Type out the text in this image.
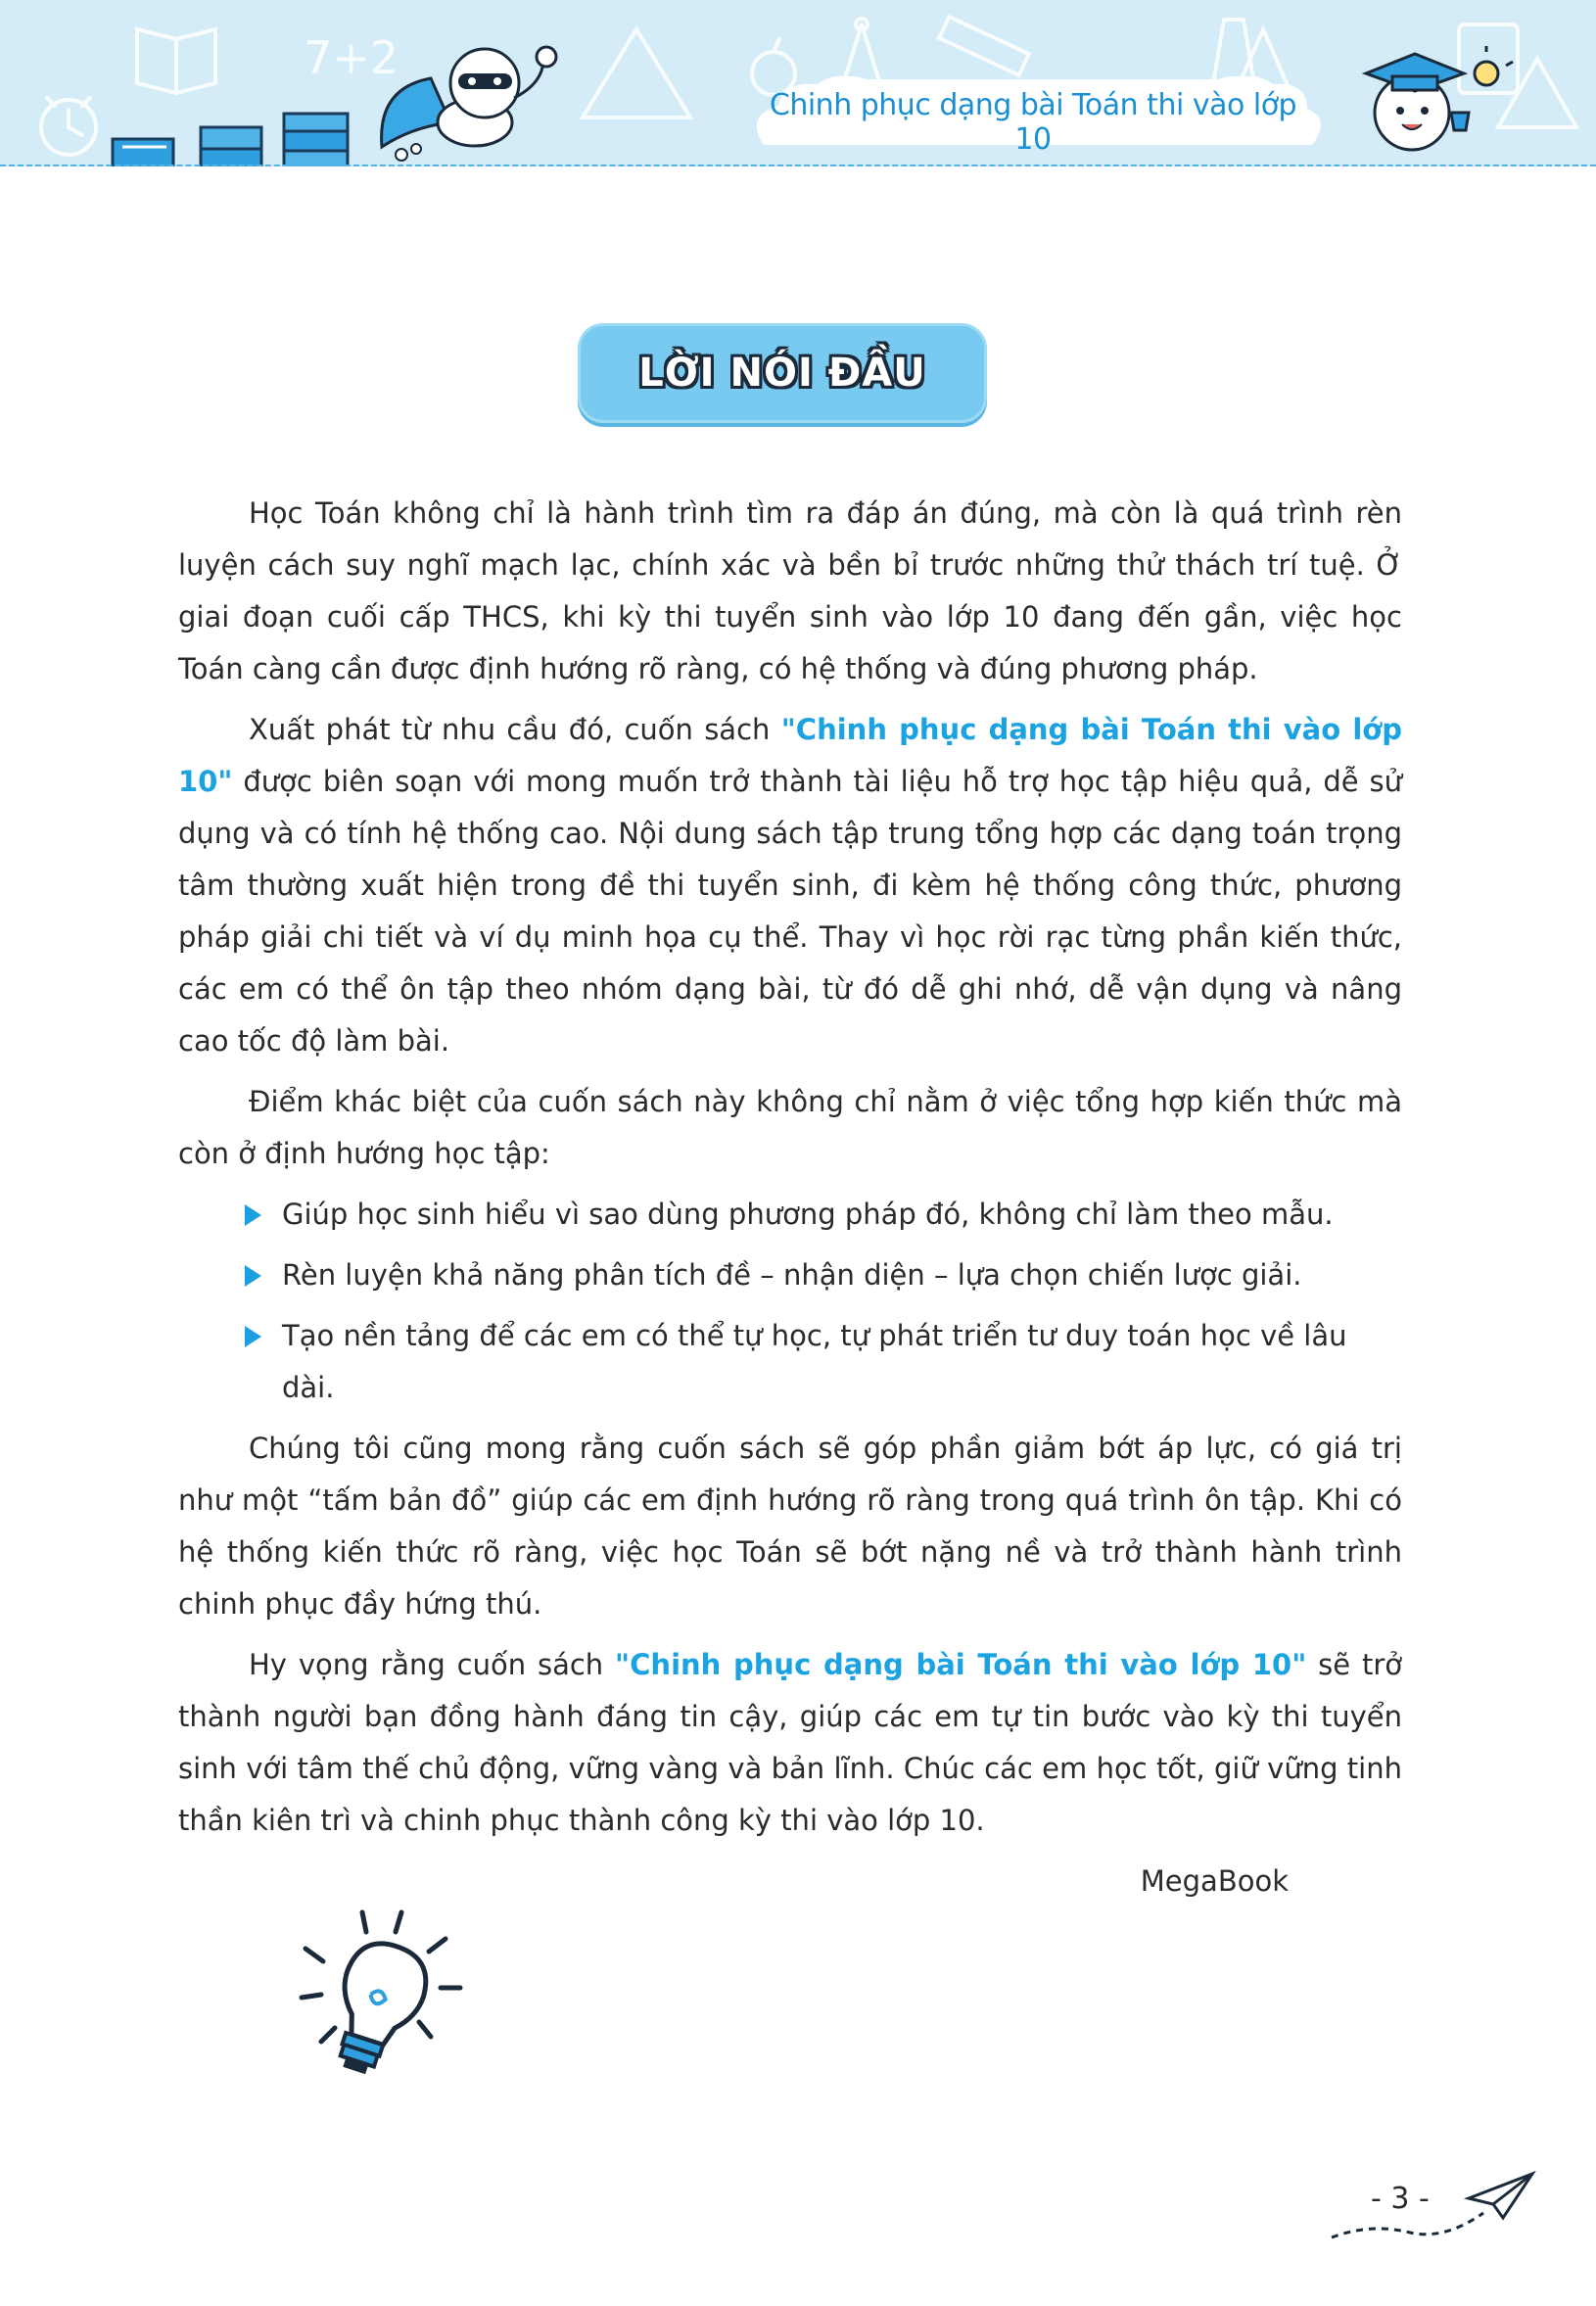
7+2
Chinh phục dạng bài Toán thi vào lớp 10
LỜI NÓI ĐẦU

Học Toán không chỉ là hành trình tìm ra đáp án đúng, mà còn là quá trình rèn luyện cách suy nghĩ mạch lạc, chính xác và bền bỉ trước những thử thách trí tuệ. Ở giai đoạn cuối cấp THCS, khi kỳ thi tuyển sinh vào lớp 10 đang đến gần, việc học Toán càng cần được định hướng rõ ràng, có hệ thống và đúng phương pháp.

Xuất phát từ nhu cầu đó, cuốn sách "Chinh phục dạng bài Toán thi vào lớp 10" được biên soạn với mong muốn trở thành tài liệu hỗ trợ học tập hiệu quả, dễ sử dụng và có tính hệ thống cao. Nội dung sách tập trung tổng hợp các dạng toán trọng tâm thường xuất hiện trong đề thi tuyển sinh, đi kèm hệ thống công thức, phương pháp giải chi tiết và ví dụ minh họa cụ thể. Thay vì học rời rạc từng phần kiến thức, các em có thể ôn tập theo nhóm dạng bài, từ đó dễ ghi nhớ, dễ vận dụng và nâng cao tốc độ làm bài.

Điểm khác biệt của cuốn sách này không chỉ nằm ở việc tổng hợp kiến thức mà còn ở định hướng học tập:

Giúp học sinh hiểu vì sao dùng phương pháp đó, không chỉ làm theo mẫu.
Rèn luyện khả năng phân tích đề – nhận diện – lựa chọn chiến lược giải.
Tạo nền tảng để các em có thể tự học, tự phát triển tư duy toán học về lâu dài.

Chúng tôi cũng mong rằng cuốn sách sẽ góp phần giảm bớt áp lực, có giá trị như một “tấm bản đồ” giúp các em định hướng rõ ràng trong quá trình ôn tập. Khi có hệ thống kiến thức rõ ràng, việc học Toán sẽ bớt nặng nề và trở thành hành trình chinh phục đầy hứng thú.

Hy vọng rằng cuốn sách "Chinh phục dạng bài Toán thi vào lớp 10" sẽ trở thành người bạn đồng hành đáng tin cậy, giúp các em tự tin bước vào kỳ thi tuyển sinh với tâm thế chủ động, vững vàng và bản lĩnh. Chúc các em học tốt, giữ vững tinh thần kiên trì và chinh phục thành công kỳ thi vào lớp 10.

MegaBook
- 3 -
